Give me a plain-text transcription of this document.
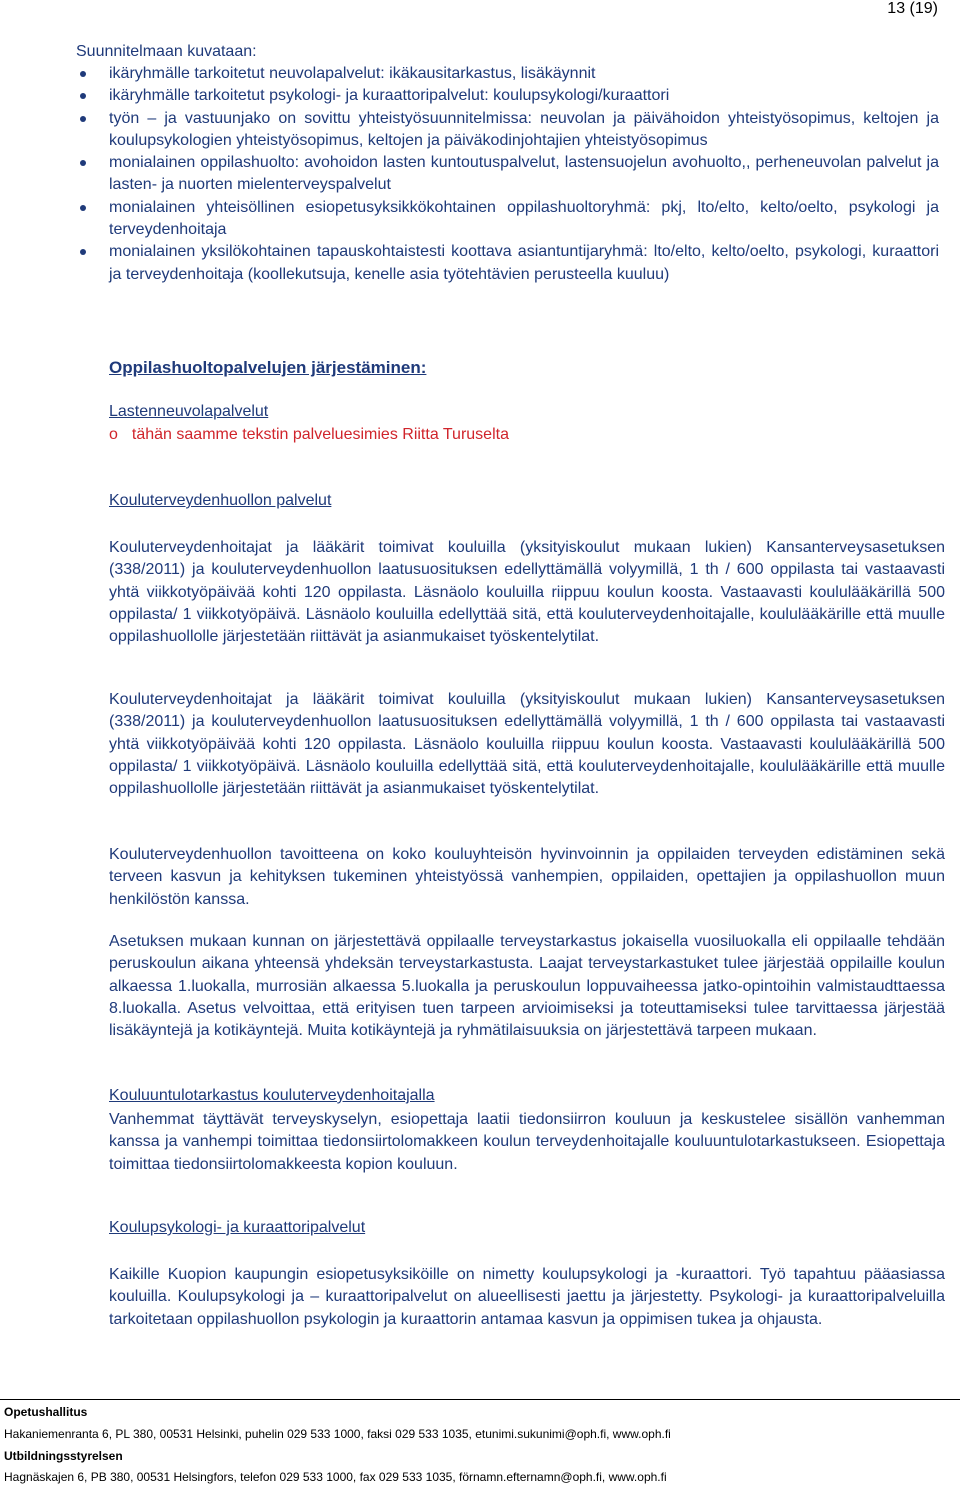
13 (19)
Suunnitelmaan kuvataan:
ikäryhmälle tarkoitetut neuvolapalvelut: ikäkausitarkastus, lisäkäynnit
ikäryhmälle tarkoitetut psykologi- ja kuraattoripalvelut: koulupsykologi/kuraattori
työn – ja vastuunjako on sovittu yhteistyösuunnitelmissa: neuvolan ja päivähoidon yhteistyösopimus, keltojen ja koulupsykologien yhteistyösopimus, keltojen ja päiväkodinjohtajien yhteistyösopimus
monialainen oppilashuolto: avohoidon lasten kuntoutuspalvelut, lastensuojelun avohuolto,, perheneuvolan palvelut ja lasten- ja nuorten mielenterveyspalvelut
monialainen yhteisöllinen esiopetusyksikkökohtainen oppilashuoltoryhmä: pkj, lto/elto, kelto/oelto, psykologi ja terveydenhoitaja
monialainen yksilökohtainen tapauskohtaistesti koottava asiantuntijaryhmä: lto/elto, kelto/oelto, psykologi, kuraattori ja terveydenhoitaja (koollekutsuja, kenelle asia työtehtävien perusteella kuuluu)
Oppilashuoltopalvelujen järjestäminen:
Lastenneuvolapalvelut
o tähän saamme tekstin palveluesimies Riitta Turuselta
Kouluterveydenhuollon palvelut
Kouluterveydenhoitajat ja lääkärit toimivat kouluilla (yksityiskoulut mukaan lukien) Kansanterveysasetuksen (338/2011) ja kouluterveydenhuollon laatusuosituksen edellyttämällä volyymillä, 1 th / 600 oppilasta tai vastaavasti yhtä viikkotyöpäivää kohti 120 oppilasta. Läsnäolo kouluilla riippuu koulun koosta. Vastaavasti koululääkärillä 500 oppilasta/ 1 viikkotyöpäivä. Läsnäolo kouluilla edellyttää sitä, että kouluterveydenhoitajalle, koululääkärille että muulle oppilashuollolle järjestetään riittävät ja asianmukaiset työskentelytilat.
Kouluterveydenhoitajat ja lääkärit toimivat kouluilla (yksityiskoulut mukaan lukien) Kansanterveysasetuksen (338/2011) ja kouluterveydenhuollon laatusuosituksen edellyttämällä volyymillä, 1 th / 600 oppilasta tai vastaavasti yhtä viikkotyöpäivää kohti 120 oppilasta. Läsnäolo kouluilla riippuu koulun koosta. Vastaavasti koululääkärillä 500 oppilasta/ 1 viikkotyöpäivä. Läsnäolo kouluilla edellyttää sitä, että kouluterveydenhoitajalle, koululääkärille että muulle oppilashuollolle järjestetään riittävät ja asianmukaiset työskentelytilat.
Kouluterveydenhuollon tavoitteena on koko kouluyhteisön hyvinvoinnin ja oppilaiden terveyden edistäminen sekä terveen kasvun ja kehityksen tukeminen yhteistyössä vanhempien, oppilaiden, opettajien ja oppilashuollon muun henkilöstön kanssa.
Asetuksen mukaan kunnan on järjestettävä oppilaalle terveystarkastus jokaisella vuosiluokalla eli oppilaalle tehdään peruskoulun aikana yhteensä yhdeksän terveystarkastusta. Laajat terveystarkastuket tulee järjestää oppilaille koulun alkaessa 1.luokalla, murrosiän alkaessa 5.luokalla ja peruskoulun loppuvaiheessa jatko-opintoihin valmistaudttaessa 8.luokalla. Asetus velvoittaa, että erityisen tuen tarpeen arvioimiseksi ja toteuttamiseksi tulee tarvittaessa järjestää lisäkäyntejä ja kotikäyntejä. Muita kotikäyntejä ja ryhmätilaisuuksia on järjestettävä tarpeen mukaan.
Kouluuntulotarkastus kouluterveydenhoitajalla
Vanhemmat täyttävät terveyskyselyn, esiopettaja laatii tiedonsiirron kouluun ja keskustelee sisällön vanhemman kanssa ja vanhempi toimittaa tiedonsiirtolomakkeen koulun terveydenhoitajalle kouluuntulotarkastukseen. Esiopettaja toimittaa tiedonsiirtolomakkeesta kopion kouluun.
Koulupsykologi- ja kuraattoripalvelut
Kaikille Kuopion kaupungin esiopetusyksiköille on nimetty koulupsykologi ja -kuraattori. Työ tapahtuu pääasiassa kouluilla. Koulupsykologi ja – kuraattoripalvelut on alueellisesti jaettu ja järjestetty. Psykologi- ja kuraattoripalveluilla tarkoitetaan oppilashuollon psykologin ja kuraattorin antamaa kasvun ja oppimisen tukea ja ohjausta.
Opetushallitus
Hakaniemenranta 6, PL 380, 00531 Helsinki, puhelin 029 533 1000, faksi 029 533 1035, etunimi.sukunimi@oph.fi, www.oph.fi
Utbildningsstyrelsen
Hagnäskajen 6, PB 380, 00531 Helsingfors, telefon 029 533 1000, fax 029 533 1035, förnamn.efternamn@oph.fi, www.oph.fi
